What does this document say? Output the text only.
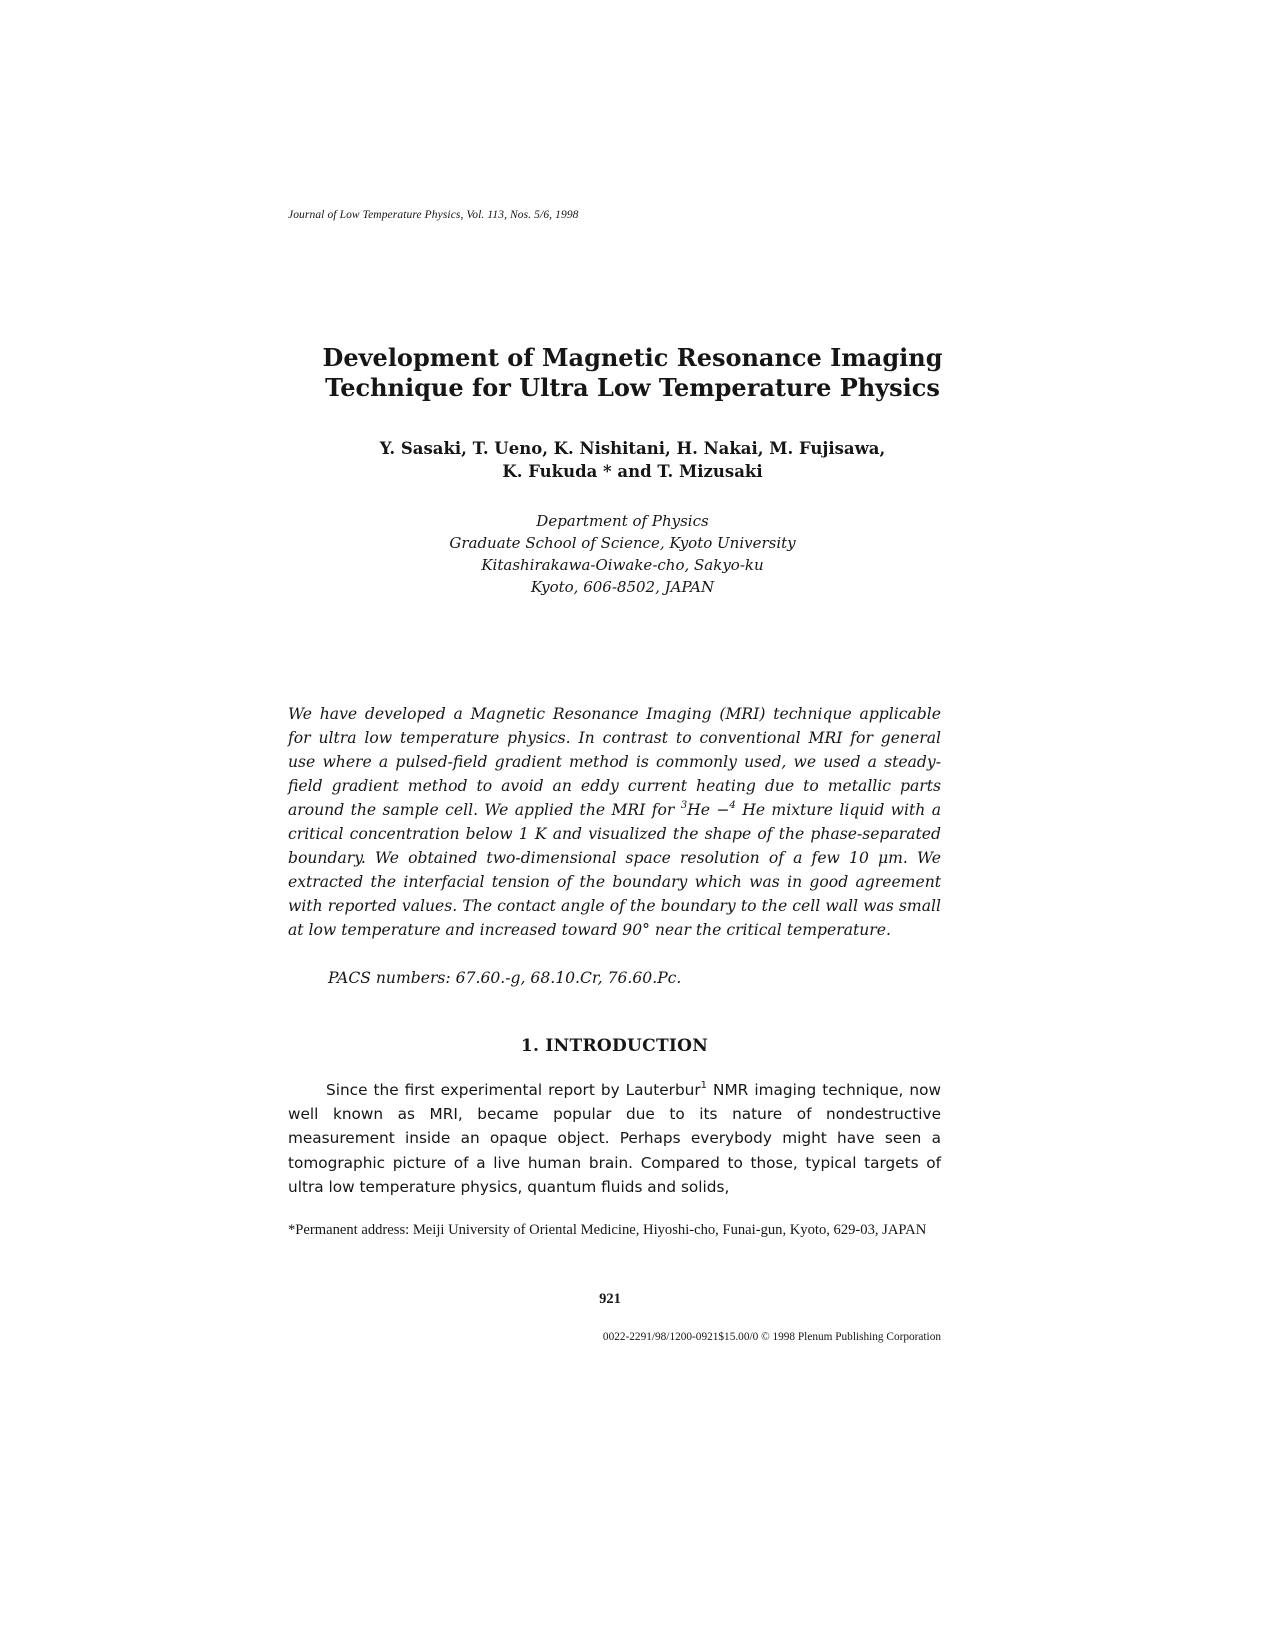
Journal of Low Temperature Physics, Vol. 113, Nos. 5/6, 1998
Development of Magnetic Resonance Imaging
Technique for Ultra Low Temperature Physics
Y. Sasaki, T. Ueno, K. Nishitani, H. Nakai, M. Fujisawa,
K. Fukuda * and T. Mizusaki
Department of Physics
Graduate School of Science, Kyoto University
Kitashirakawa-Oiwake-cho, Sakyo-ku
Kyoto, 606-8502, JAPAN
We have developed a Magnetic Resonance Imaging (MRI) technique applicable for ultra low temperature physics. In contrast to conventional MRI for general use where a pulsed-field gradient method is commonly used, we used a steady-field gradient method to avoid an eddy current heating due to metallic parts around the sample cell. We applied the MRI for $^3$He −$^4$ He mixture liquid with a critical concentration below 1 K and visualized the shape of the phase-separated boundary. We obtained two-dimensional space resolution of a few 10 μm. We extracted the interfacial tension of the boundary which was in good agreement with reported values. The contact angle of the boundary to the cell wall was small at low temperature and increased toward 90° near the critical temperature.
PACS numbers: 67.60.-g, 68.10.Cr, 76.60.Pc.
1. INTRODUCTION
Since the first experimental report by Lauterbur$^1$ NMR imaging technique, now well known as MRI, became popular due to its nature of nondestructive measurement inside an opaque object. Perhaps everybody might have seen a tomographic picture of a live human brain. Compared to those, typical targets of ultra low temperature physics, quantum fluids and solids,
*Permanent address: Meiji University of Oriental Medicine, Hiyoshi-cho, Funai-gun, Kyoto, 629-03, JAPAN
921
0022-2291/98/1200-0921$15.00/0 © 1998 Plenum Publishing Corporation
